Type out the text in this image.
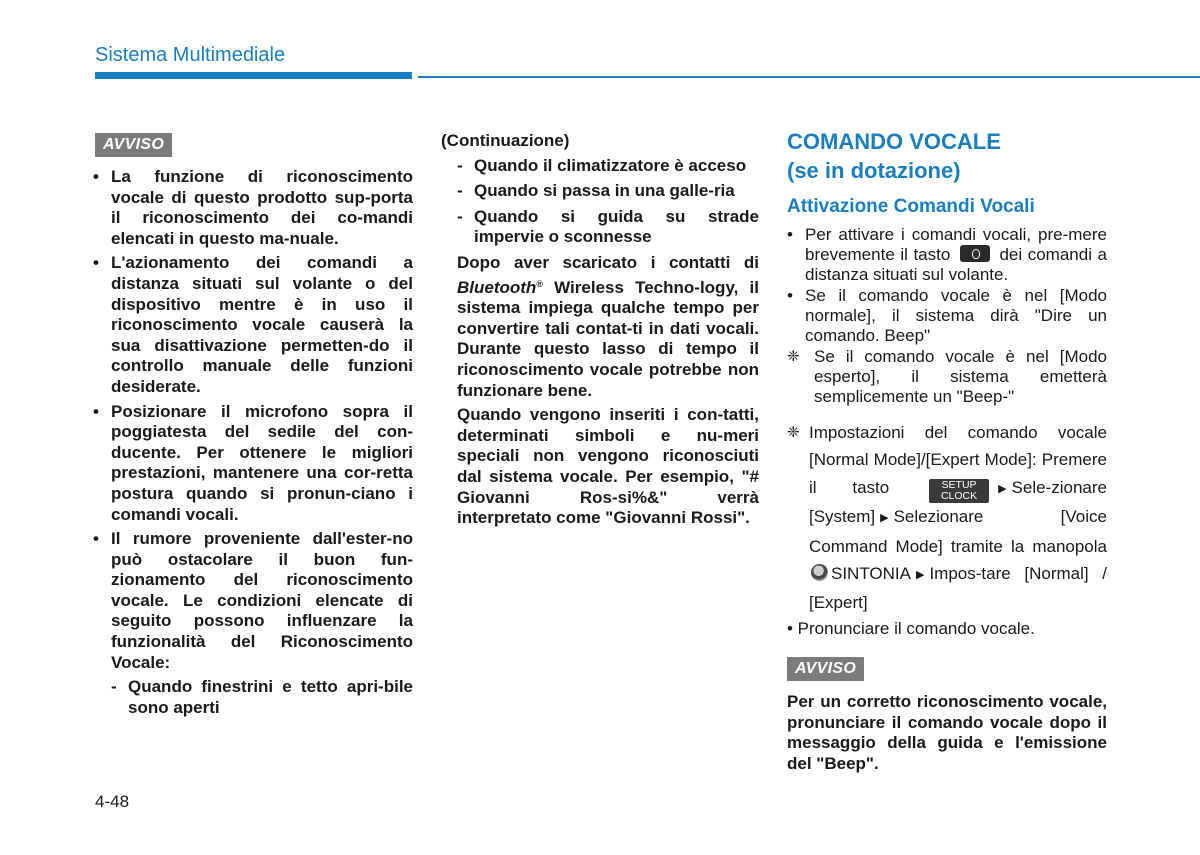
Sistema Multimediale
AVVISO
• La funzione di riconoscimento vocale di questo prodotto sup-porta il riconoscimento dei co-mandi elencati in questo ma-nuale.
• L'azionamento dei comandi a distanza situati sul volante o del dispositivo mentre è in uso il riconoscimento vocale causerà la sua disattivazione permetten-do il controllo manuale delle funzioni desiderate.
• Posizionare il microfono sopra il poggiatesta del sedile del con-ducente. Per ottenere le migliori prestazioni, mantenere una cor-retta postura quando si pronun-ciano i comandi vocali.
• Il rumore proveniente dall'ester-no può ostacolare il buon fun-zionamento del riconoscimento vocale. Le condizioni elencate di seguito possono influenzare la funzionalità del Riconoscimento Vocale:
- Quando finestrini e tetto apri-bile sono aperti
(Continuazione)
- Quando il climatizzatore è acceso
- Quando si passa in una galle-ria
- Quando si guida su strade impervie o sconnesse
Dopo aver scaricato i contatti di Bluetooth® Wireless Techno-logy, il sistema impiega qualche tempo per convertire tali contat-ti in dati vocali. Durante questo lasso di tempo il riconoscimento vocale potrebbe non funzionare bene.
Quando vengono inseriti i con-tatti, determinati simboli e nu-meri speciali non vengono riconosciuti dal sistema vocale. Per esempio, "# Giovanni Ros-si%&" verrà interpretato come "Giovanni Rossi".
COMANDO VOCALE
(se in dotazione)
Attivazione Comandi Vocali
• Per attivare i comandi vocali, pre-mere brevemente il tasto	dei comandi a distanza situati sul volante.
• Se il comando vocale è nel [Modo normale], il sistema dirà "Dire un comando. Beep"
❈ Se il comando vocale è nel [Modo esperto], il sistema emetterà semplicemente un "Beep-"
❈ Impostazioni del comando vocale [Normal Mode]/[Expert Mode]: Premere il tasto	SETUP
CLOCK▶ Sele-zionare [System] ▶ Selezionare [Voice Command Mode] tramite la manopola SINTONIA ▶ Impos-tare [Normal] / [Expert]
• Pronunciare il comando vocale.
AVVISO
Per un corretto riconoscimento vocale, pronunciare il comando vocale dopo il messaggio della guida e l'emissione del "Beep".
4-48
